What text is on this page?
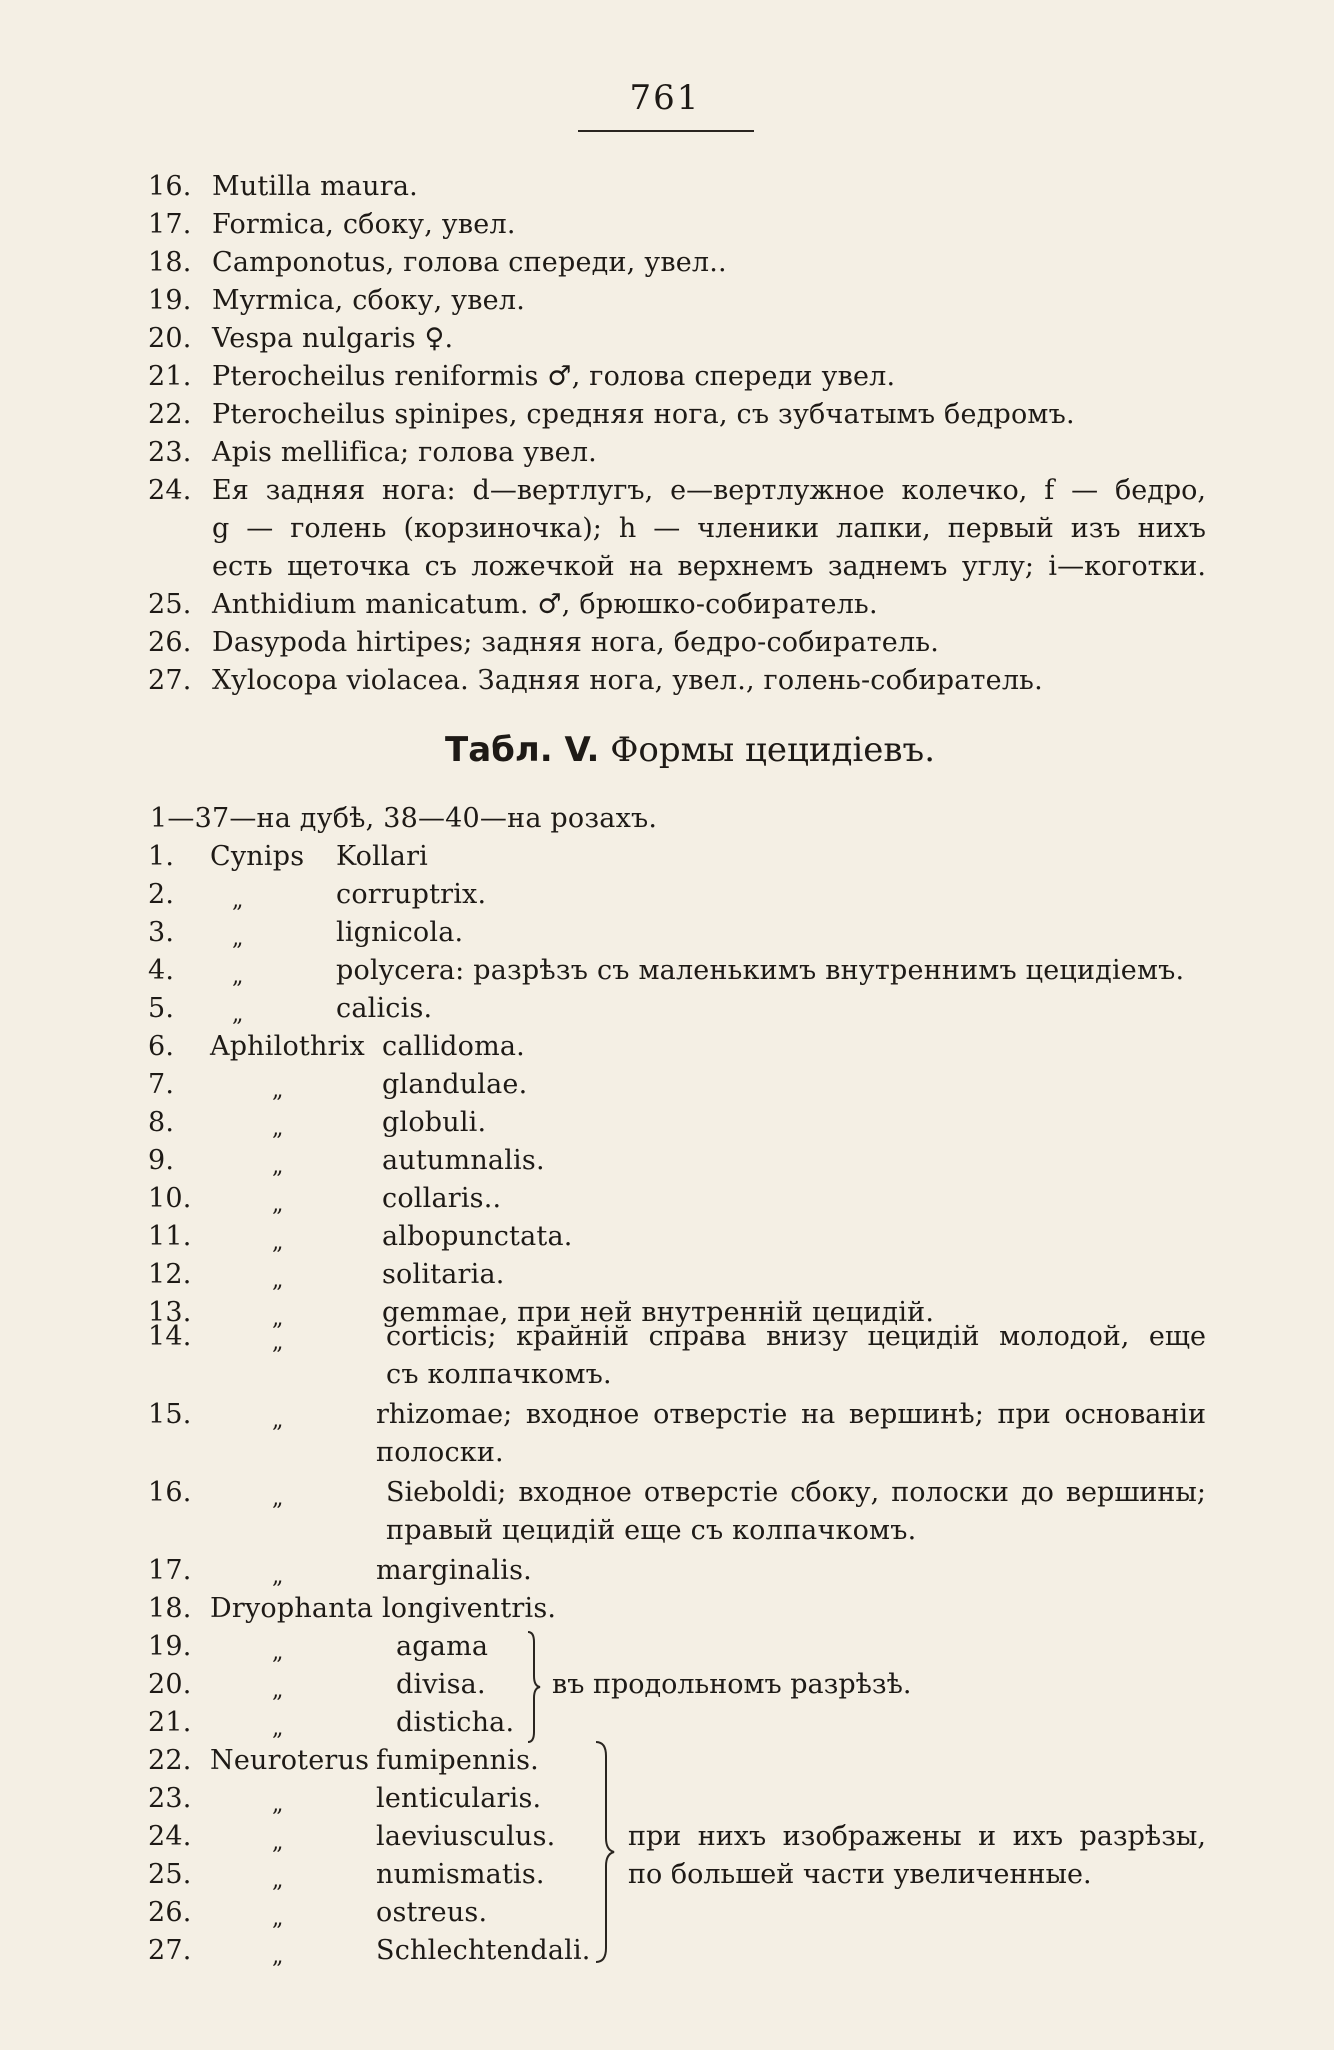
761
16. Mutilla maura.
17. Formica, сбоку, увел.
18. Camponotus, голова спереди, увел..
19. Myrmica, сбоку, увел.
20. Vespa nulgaris ♀.
21. Pterocheilus reniformis ♂, голова спереди увел.
22. Pterocheilus spinipes, средняя нога, съ зубчатымъ бедромъ.
23. Apis mellifica; голова увел.
24. Ея задняя нога: d—вертлугъ, e—вертлужное колечко, f — бедро,
g — голень (корзиночка); h — членики лапки, первый изъ нихъ
есть щеточка съ ложечкой на верхнемъ заднемъ углу; i—коготки.
25. Anthidium manicatum. ♂, брюшко-собиратель.
26. Dasypoda hirtipes; задняя нога, бедро-собиратель.
27. Xylocopa violacea. Задняя нога, увел., голень-собиратель.
Табл. V. Формы цецидiевъ.
1—37—на дубѣ, 38—40—на розахъ.
1. Cynips Kollari
2.	„	corruptrix.
3.	„	lignicola.
4.	„	polycera: разрѣзъ съ маленькимъ внутреннимъ цецидiемъ.
5.	„	calicis.
6. Aphilothrix callidoma.
7.	„	glandulae.
8.	„	globuli.
9.	„	autumnalis.
10.	„	collaris..
11.	„	albopunctata.
12.	„	solitaria.
13.	„	gemmae, при ней внутреннiй цецидiй.
14.	„	corticis; крайнiй справа внизу цецидiй молодой, еще
съ колпачкомъ.
15.	„	rhizomae; входное отверстiе на вершинѣ; при основанiи
полоски.
16.	„	Sieboldi; входное отверстiе сбоку, полоски до вершины;
правый цецидiй еще съ колпачкомъ.
17.	„	marginalis.
18. Dryophanta longiventris.
19.	„	agama
20.	„	divisa.
21.	„	disticha.
въ продольномъ разрѣзѣ.
22. Neuroterus fumipennis.
23.	„	lenticularis.
24.	„	laeviusculus.
25.	„	numismatis.
26.	„	ostreus.
27.	„	Schlechtendali.
при нихъ изображены и ихъ разрѣзы,
по большей части увеличенные.
